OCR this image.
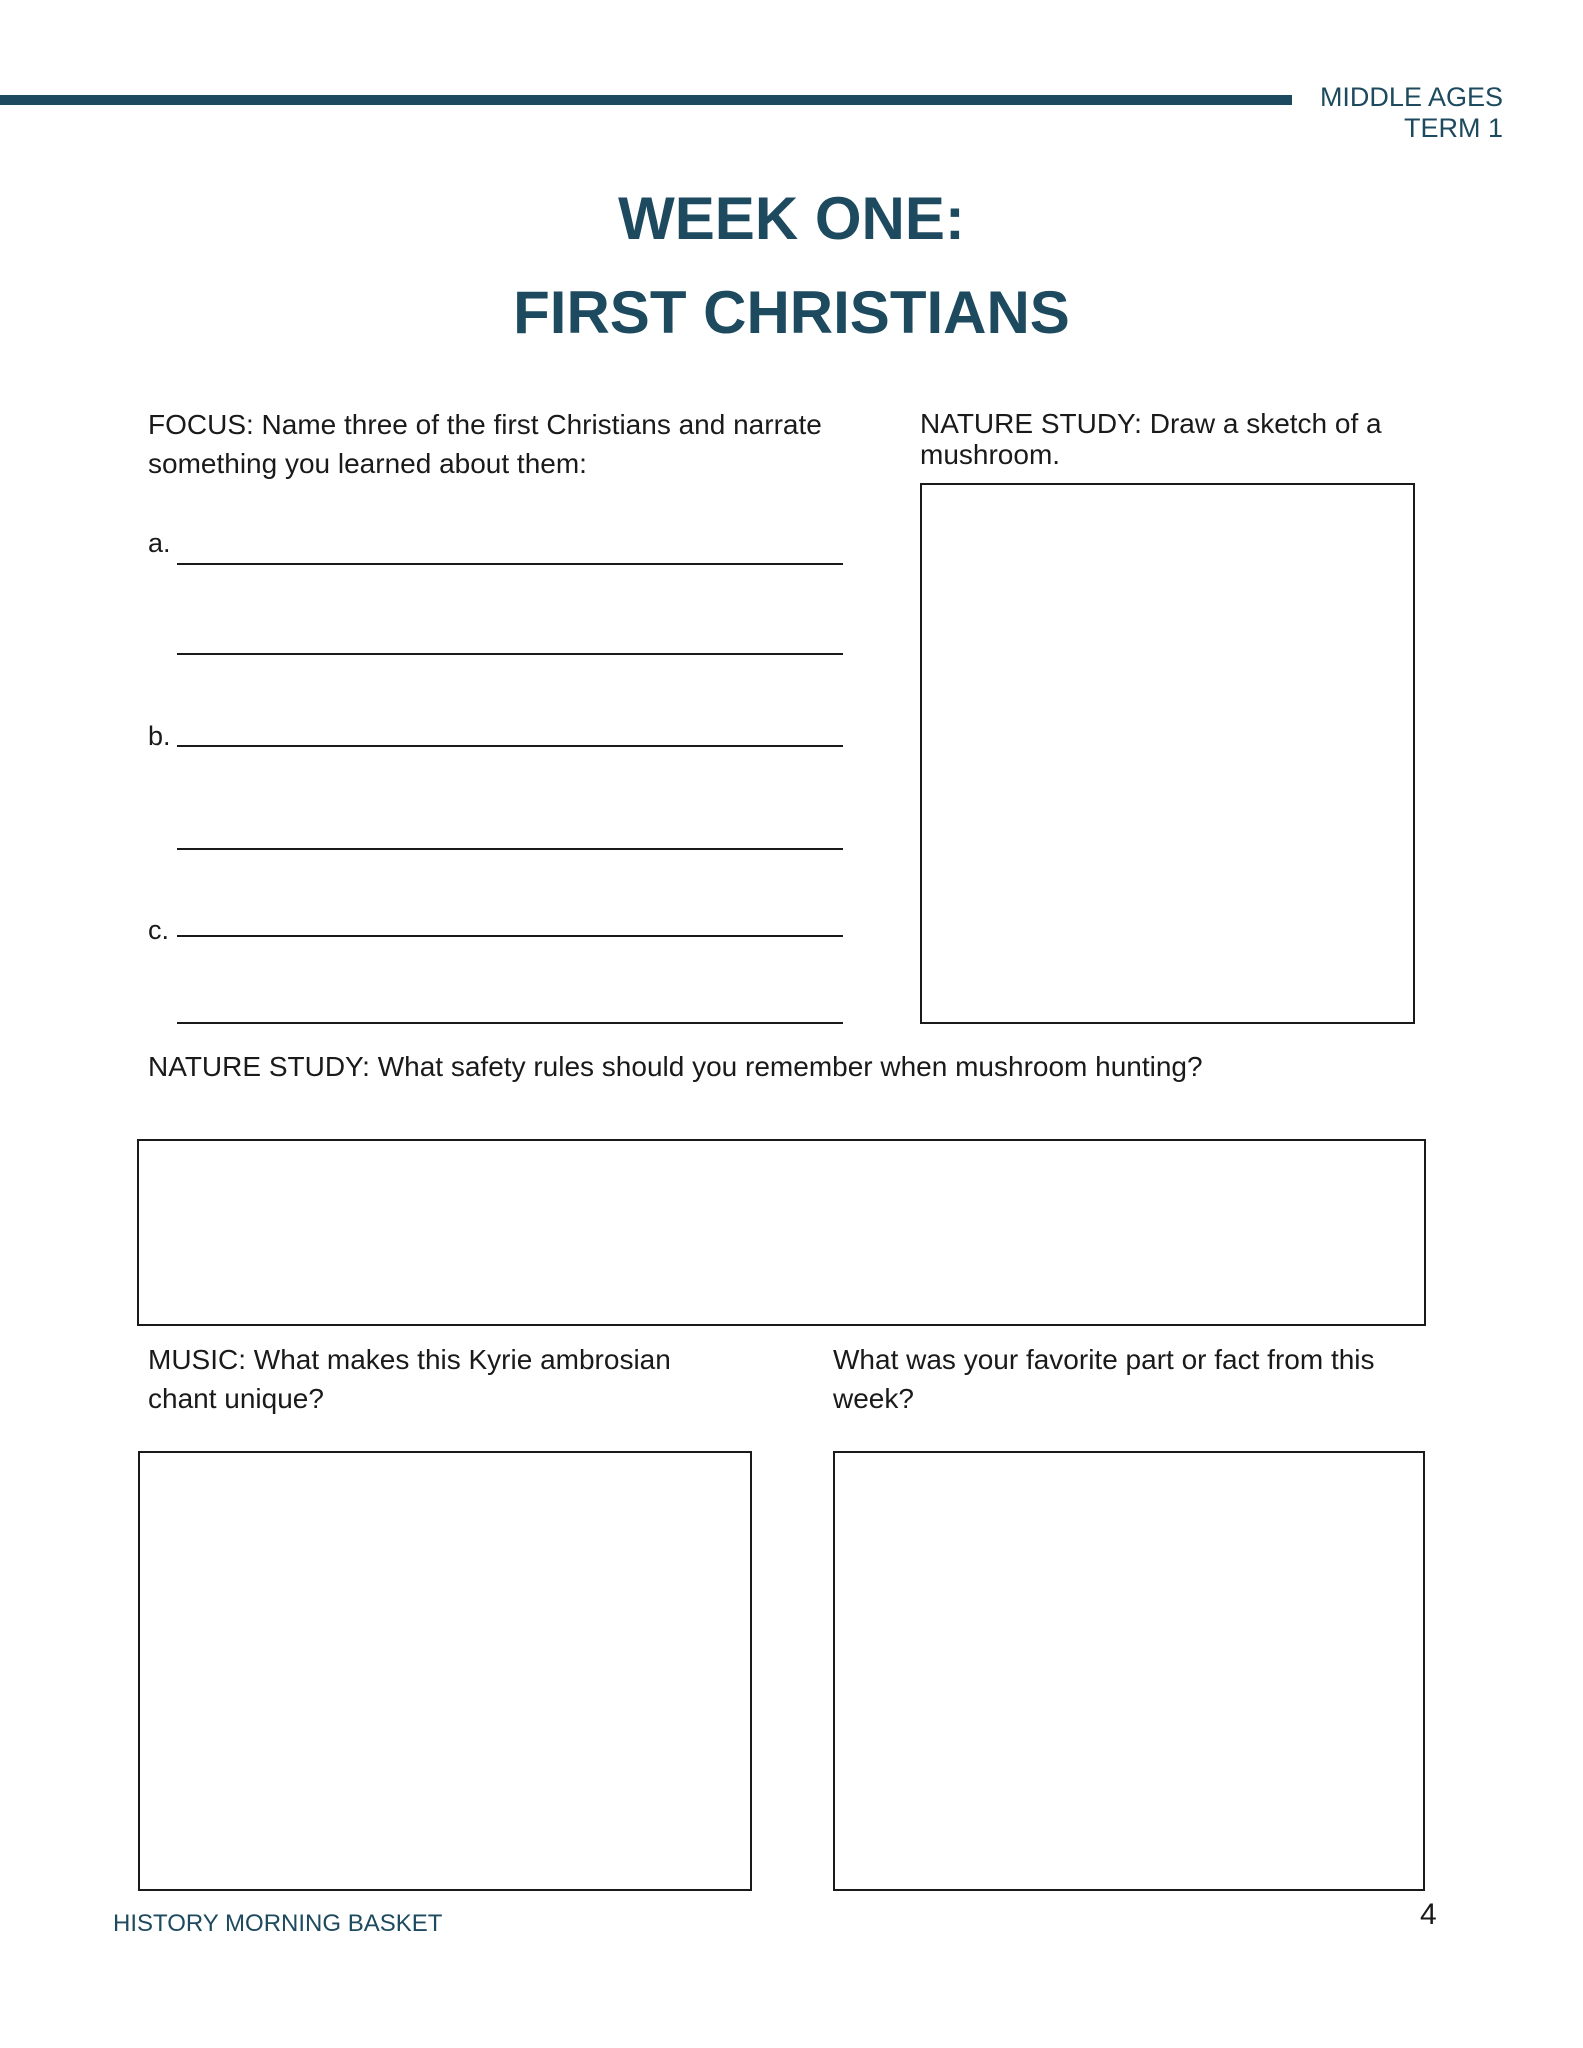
MIDDLE AGES
TERM 1
WEEK ONE:
FIRST CHRISTIANS
FOCUS: Name three of the first Christians and narrate
something you learned about them:
a.
b.
c.
NATURE STUDY: Draw a sketch of a
mushroom.
NATURE STUDY: What safety rules should you remember when mushroom hunting?
MUSIC: What makes this Kyrie ambrosian
chant unique?
What was your favorite part or fact from this
week?
HISTORY MORNING BASKET	4
